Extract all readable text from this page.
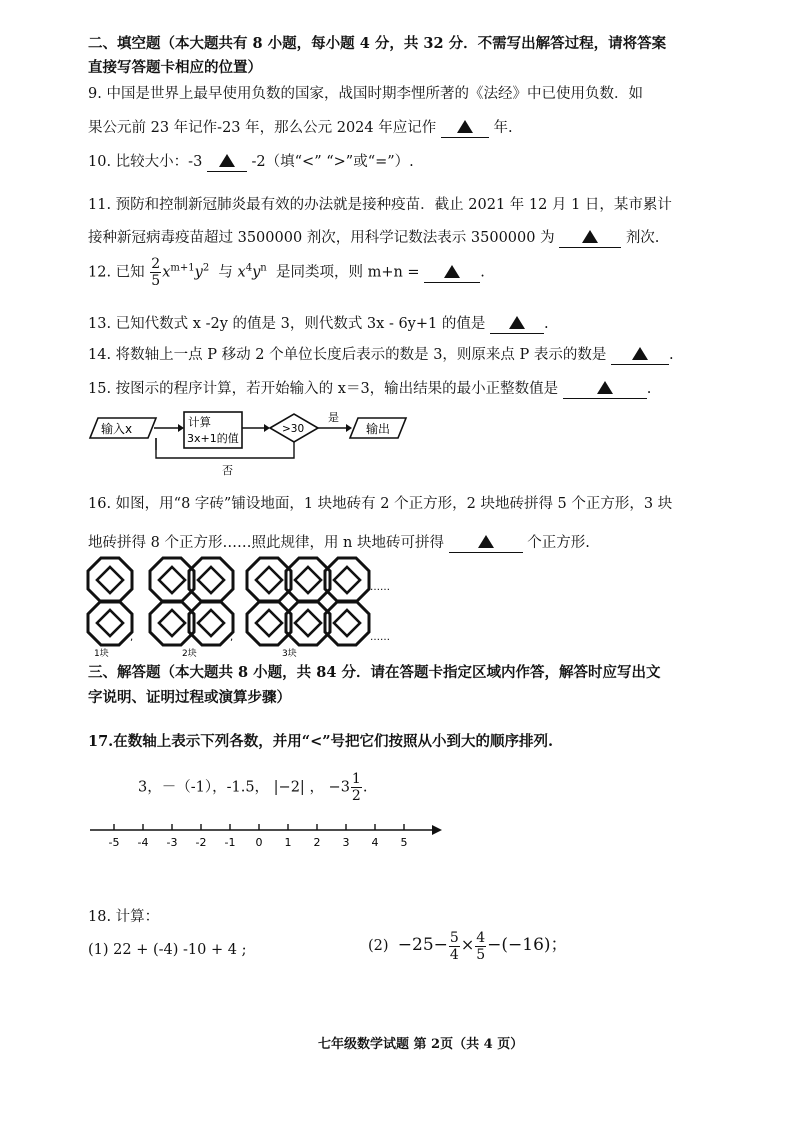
二、填空题（本大题共有 8 小题，每小题 4 分，共 32 分．不需写出解答过程，请将答案
直接写答题卡相应的位置）
9. 中国是世界上最早使用负数的国家，战国时期李悝所著的《法经》中已使用负数．如
果公元前 23 年记作-23 年，那么公元 2024 年应记作	年.
10. 比较大小：-3	-2（填“<” “>”或“=”）.
11. 预防和控制新冠肺炎最有效的办法就是接种疫苗．截止 2021 年 12 月 1 日，某市累计
接种新冠病毒疫苗超过 3500000 剂次，用科学记数法表示 3500000 为	剂次.
12. 已知 $\frac{2}{5} x^{m+1}y^2$ 与 $x^4y^n$ 是同类项，则 m+n =	.
13. 已知代数式 x -2y 的值是 3，则代数式 3x - 6y+1 的值是	.
14. 将数轴上一点 P 移动 2 个单位长度后表示的数是 3，则原来点 P 表示的数是	.
15. 按图示的程序计算，若开始输入的 x＝3，输出结果的最小正整数值是	.
输入x	计算
3x+1的值
>30
是
输出
否
16. 如图，用“8 字砖”铺设地面，1 块地砖有 2 个正方形，2 块地砖拼得 5 个正方形，3 块
地砖拼得 8 个正方形……照此规律，用 n 块地砖可拼得	个正方形.
,	,
1块	2块	3块
……
……
三、解答题（本大题共 8 小题，共 84 分．请在答题卡指定区域内作答，解答时应写出文
字说明、证明过程或演算步骤）
17.在数轴上表示下列各数，并用“<”号把它们按照从小到大的顺序排列.
3，－（-1），-1.5， |−2| ， $-3 \frac{1}{2}$ .
-5 -4 -3 -2 -1 0 1 2 3 4 5
18. 计算：
(1) 22 + (-4) -10 + 4 ;	$(2) -25- \frac{5}{4} \times \frac{4}{5} -(-16)$；
七年级数学试题 第 2页（共 4 页）
